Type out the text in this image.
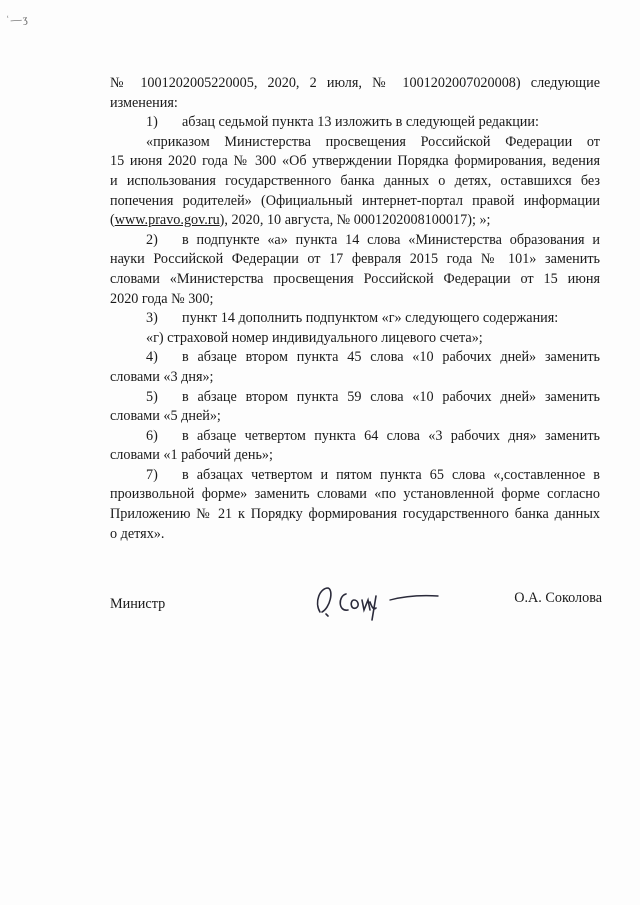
ʿ—ʒ
№ 1001202005220005, 2020, 2 июля, № 1001202007020008) следующие
изменения:
1) абзац седьмой пункта 13 изложить в следующей редакции:
«приказом Министерства просвещения Российской Федерации от
15 июня 2020 года № 300 «Об утверждении Порядка формирования, ведения
и использования государственного банка данных о детях, оставшихся без
попечения родителей» (Официальный интернет-портал правой информации
(www.pravo.gov.ru), 2020, 10 августа, № 0001202008100017); »;
2) в подпункте «а» пункта 14 слова «Министерства образования и
науки Российской Федерации от 17 февраля 2015 года № 101» заменить
словами «Министерства просвещения Российской Федерации от 15 июня
2020 года № 300;
3) пункт 14 дополнить подпунктом «г» следующего содержания:
«г) страховой номер индивидуального лицевого счета»;
4) в абзаце втором пункта 45 слова «10 рабочих дней» заменить
словами «3 дня»;
5) в абзаце втором пункта 59 слова «10 рабочих дней» заменить
словами «5 дней»;
6) в абзаце четвертом пункта 64 слова «3 рабочих дня» заменить
словами «1 рабочий день»;
7) в абзацах четвертом и пятом пункта 65 слова «,составленное в
произвольной форме» заменить словами «по установленной форме согласно
Приложению № 21 к Порядку формирования государственного банка данных
о детях».
Министр	О.А. Соколова
